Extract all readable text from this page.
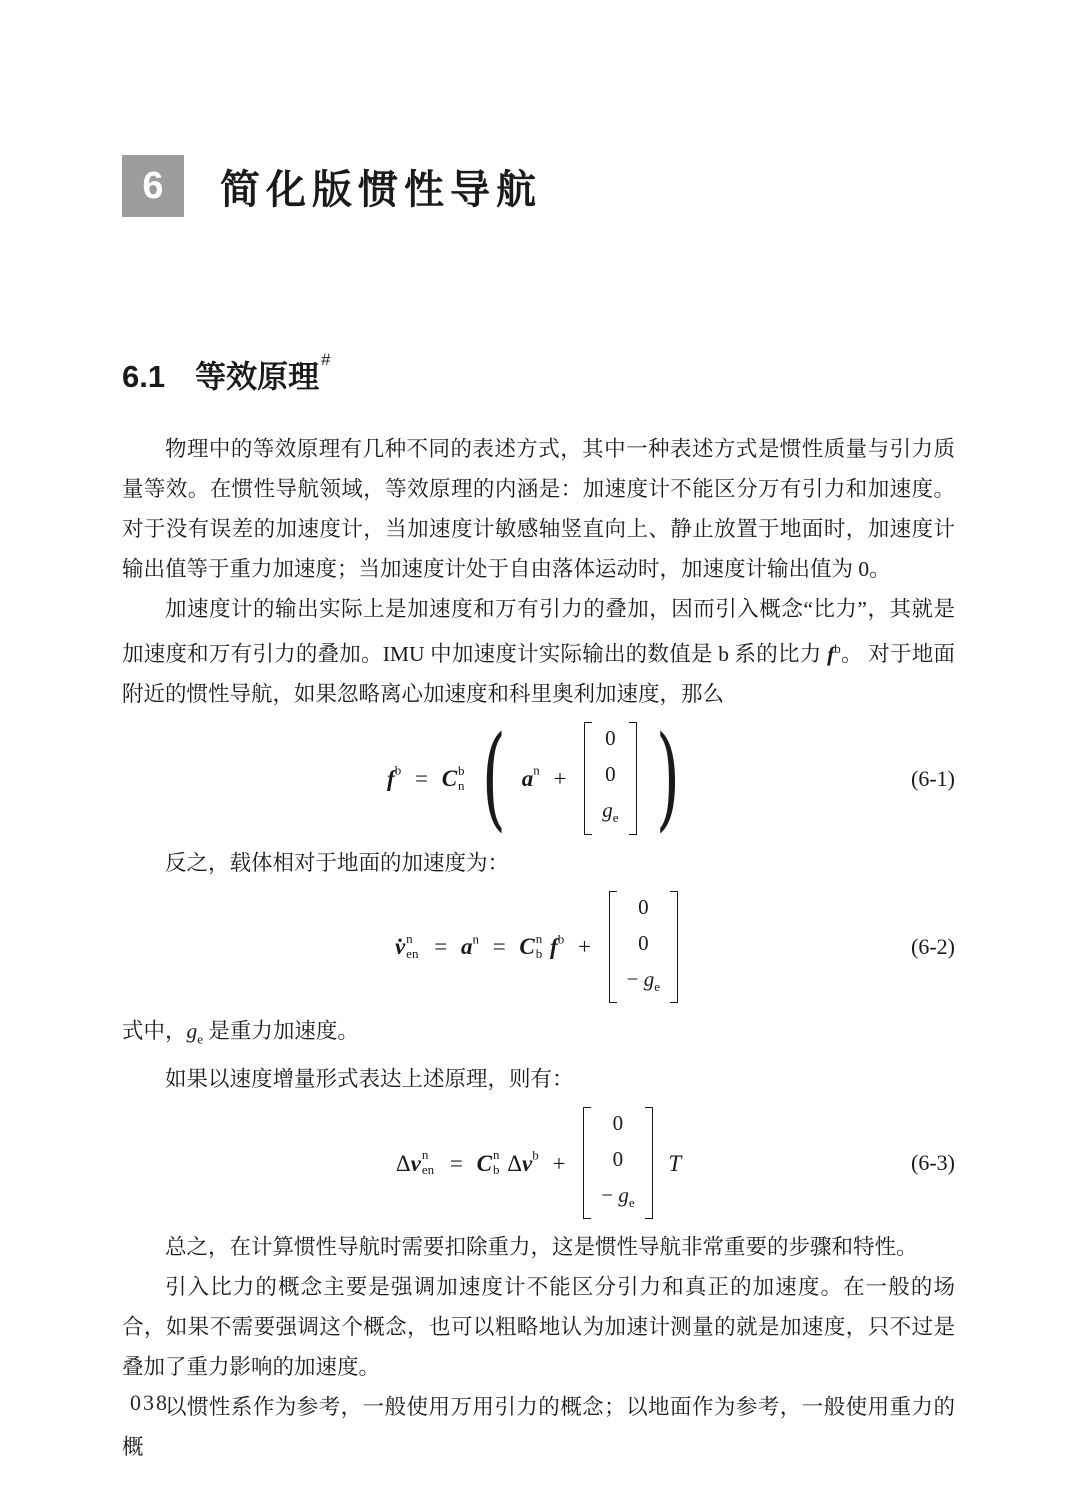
6 简化版惯性导航
6.1 等效原理 #

物理中的等效原理有几种不同的表述方式，其中一种表述方式是惯性质量与引力质量等效。在惯性导航领域，等效原理的内涵是：加速度计不能区分万有引力和加速度。对于没有误差的加速度计，当加速度计敏感轴竖直向上、静止放置于地面时，加速度计输出值等于重力加速度；当加速度计处于自由落体运动时，加速度计输出值为 0。

加速度计的输出实际上是加速度和万有引力的叠加，因而引入概念“比力”，其就是加速度和万有引力的叠加。IMU 中加速度计实际输出的数值是 b 系的比力 $f^b$。 对于地面附近的惯性导航，如果忽略离心加速度和科里奥利加速度，那么

$f^b = C$ b
n ( $a^n$ +
0
0
$g_e$ )	(6-1)

反之，载体相对于地面的加速度为：

v̇ n
en = $a^n = C$ n
b $f^b$ +
0
0
− $g_e$
(6-2)

式中，$g_e$ 是重力加速度。

如果以速度增量形式表达上述原理，则有：

Δv n
en = C n
b $\Delta v^b$ +
0
0
− $g_e$
T	(6-3)

总之，在计算惯性导航时需要扣除重力，这是惯性导航非常重要的步骤和特性。

引入比力的概念主要是强调加速度计不能区分引力和真正的加速度。在一般的场合，如果不需要强调这个概念，也可以粗略地认为加速计测量的就是加速度，只不过是叠加了重力影响的加速度。

以惯性系作为参考，一般使用万用引力的概念；以地面作为参考，一般使用重力的概

038
